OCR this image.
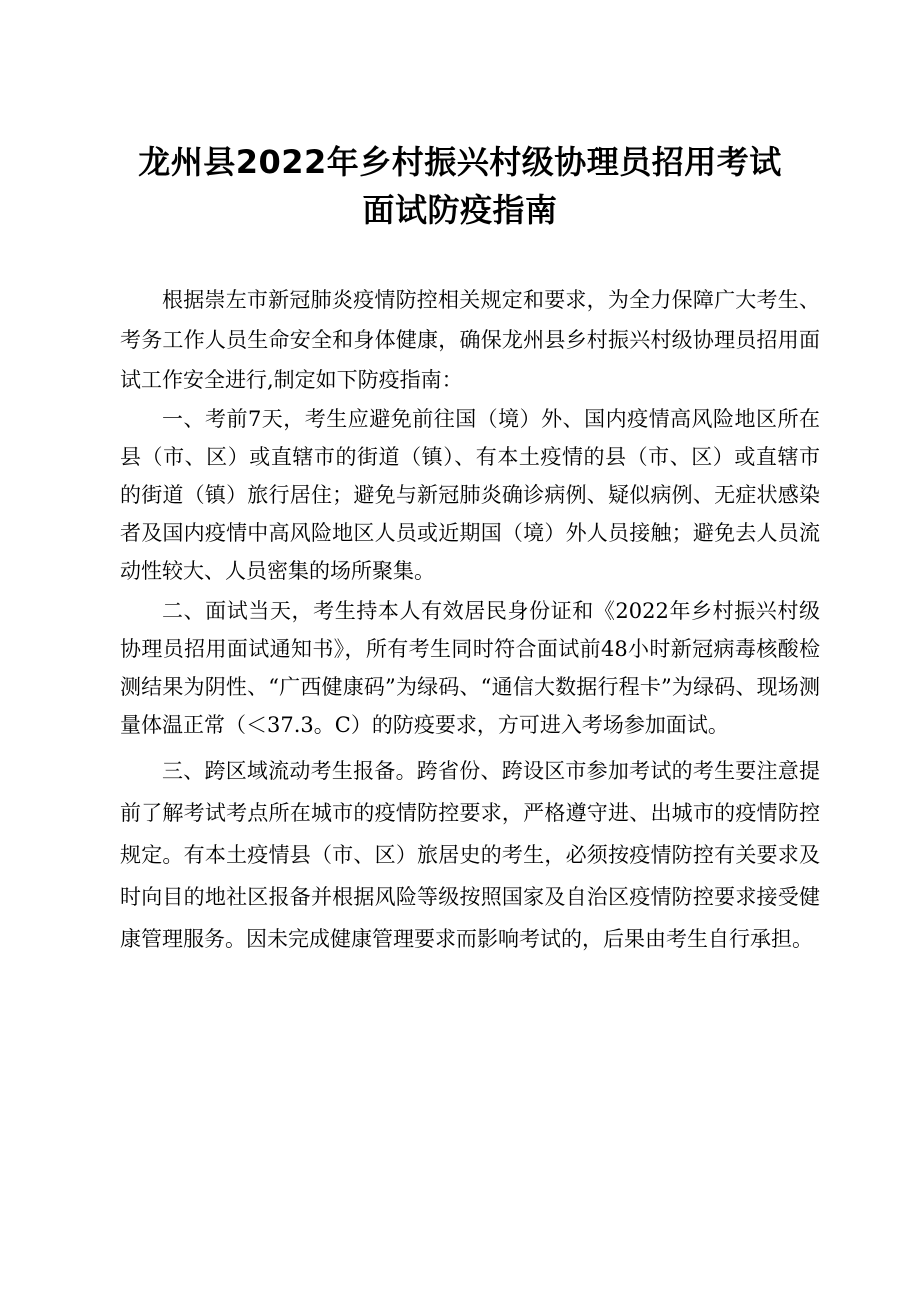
龙州县2022年乡村振兴村级协理员招用考试
面试防疫指南

根据崇左市新冠肺炎疫情防控相关规定和要求，为全力保障广大考生、考务工作人员生命安全和身体健康，确保龙州县乡村振兴村级协理员招用面试工作安全进行,制定如下防疫指南：

一、考前7天，考生应避免前往国（境）外、国内疫情高风险地区所在县（市、区）或直辖市的街道（镇）、有本土疫情的县（市、区）或直辖市的街道（镇）旅行居住；避免与新冠肺炎确诊病例、疑似病例、无症状感染者及国内疫情中高风险地区人员或近期国（境）外人员接触；避免去人员流动性较大、人员密集的场所聚集。

二、面试当天，考生持本人有效居民身份证和《2022年乡村振兴村级协理员招用面试通知书》，所有考生同时符合面试前48小时新冠病毒核酸检测结果为阴性、“广西健康码”为绿码、“通信大数据行程卡”为绿码、现场测量体温正常（＜37.3。C）的防疫要求，方可进入考场参加面试。

三、跨区域流动考生报备。跨省份、跨设区市参加考试的考生要注意提前了解考试考点所在城市的疫情防控要求，严格遵守进、出城市的疫情防控规定。有本土疫情县（市、区）旅居史的考生，必须按疫情防控有关要求及时向目的地社区报备并根据风险等级按照国家及自治区疫情防控要求接受健康管理服务。因未完成健康管理要求而影响考试的，后果由考生自行承担。
